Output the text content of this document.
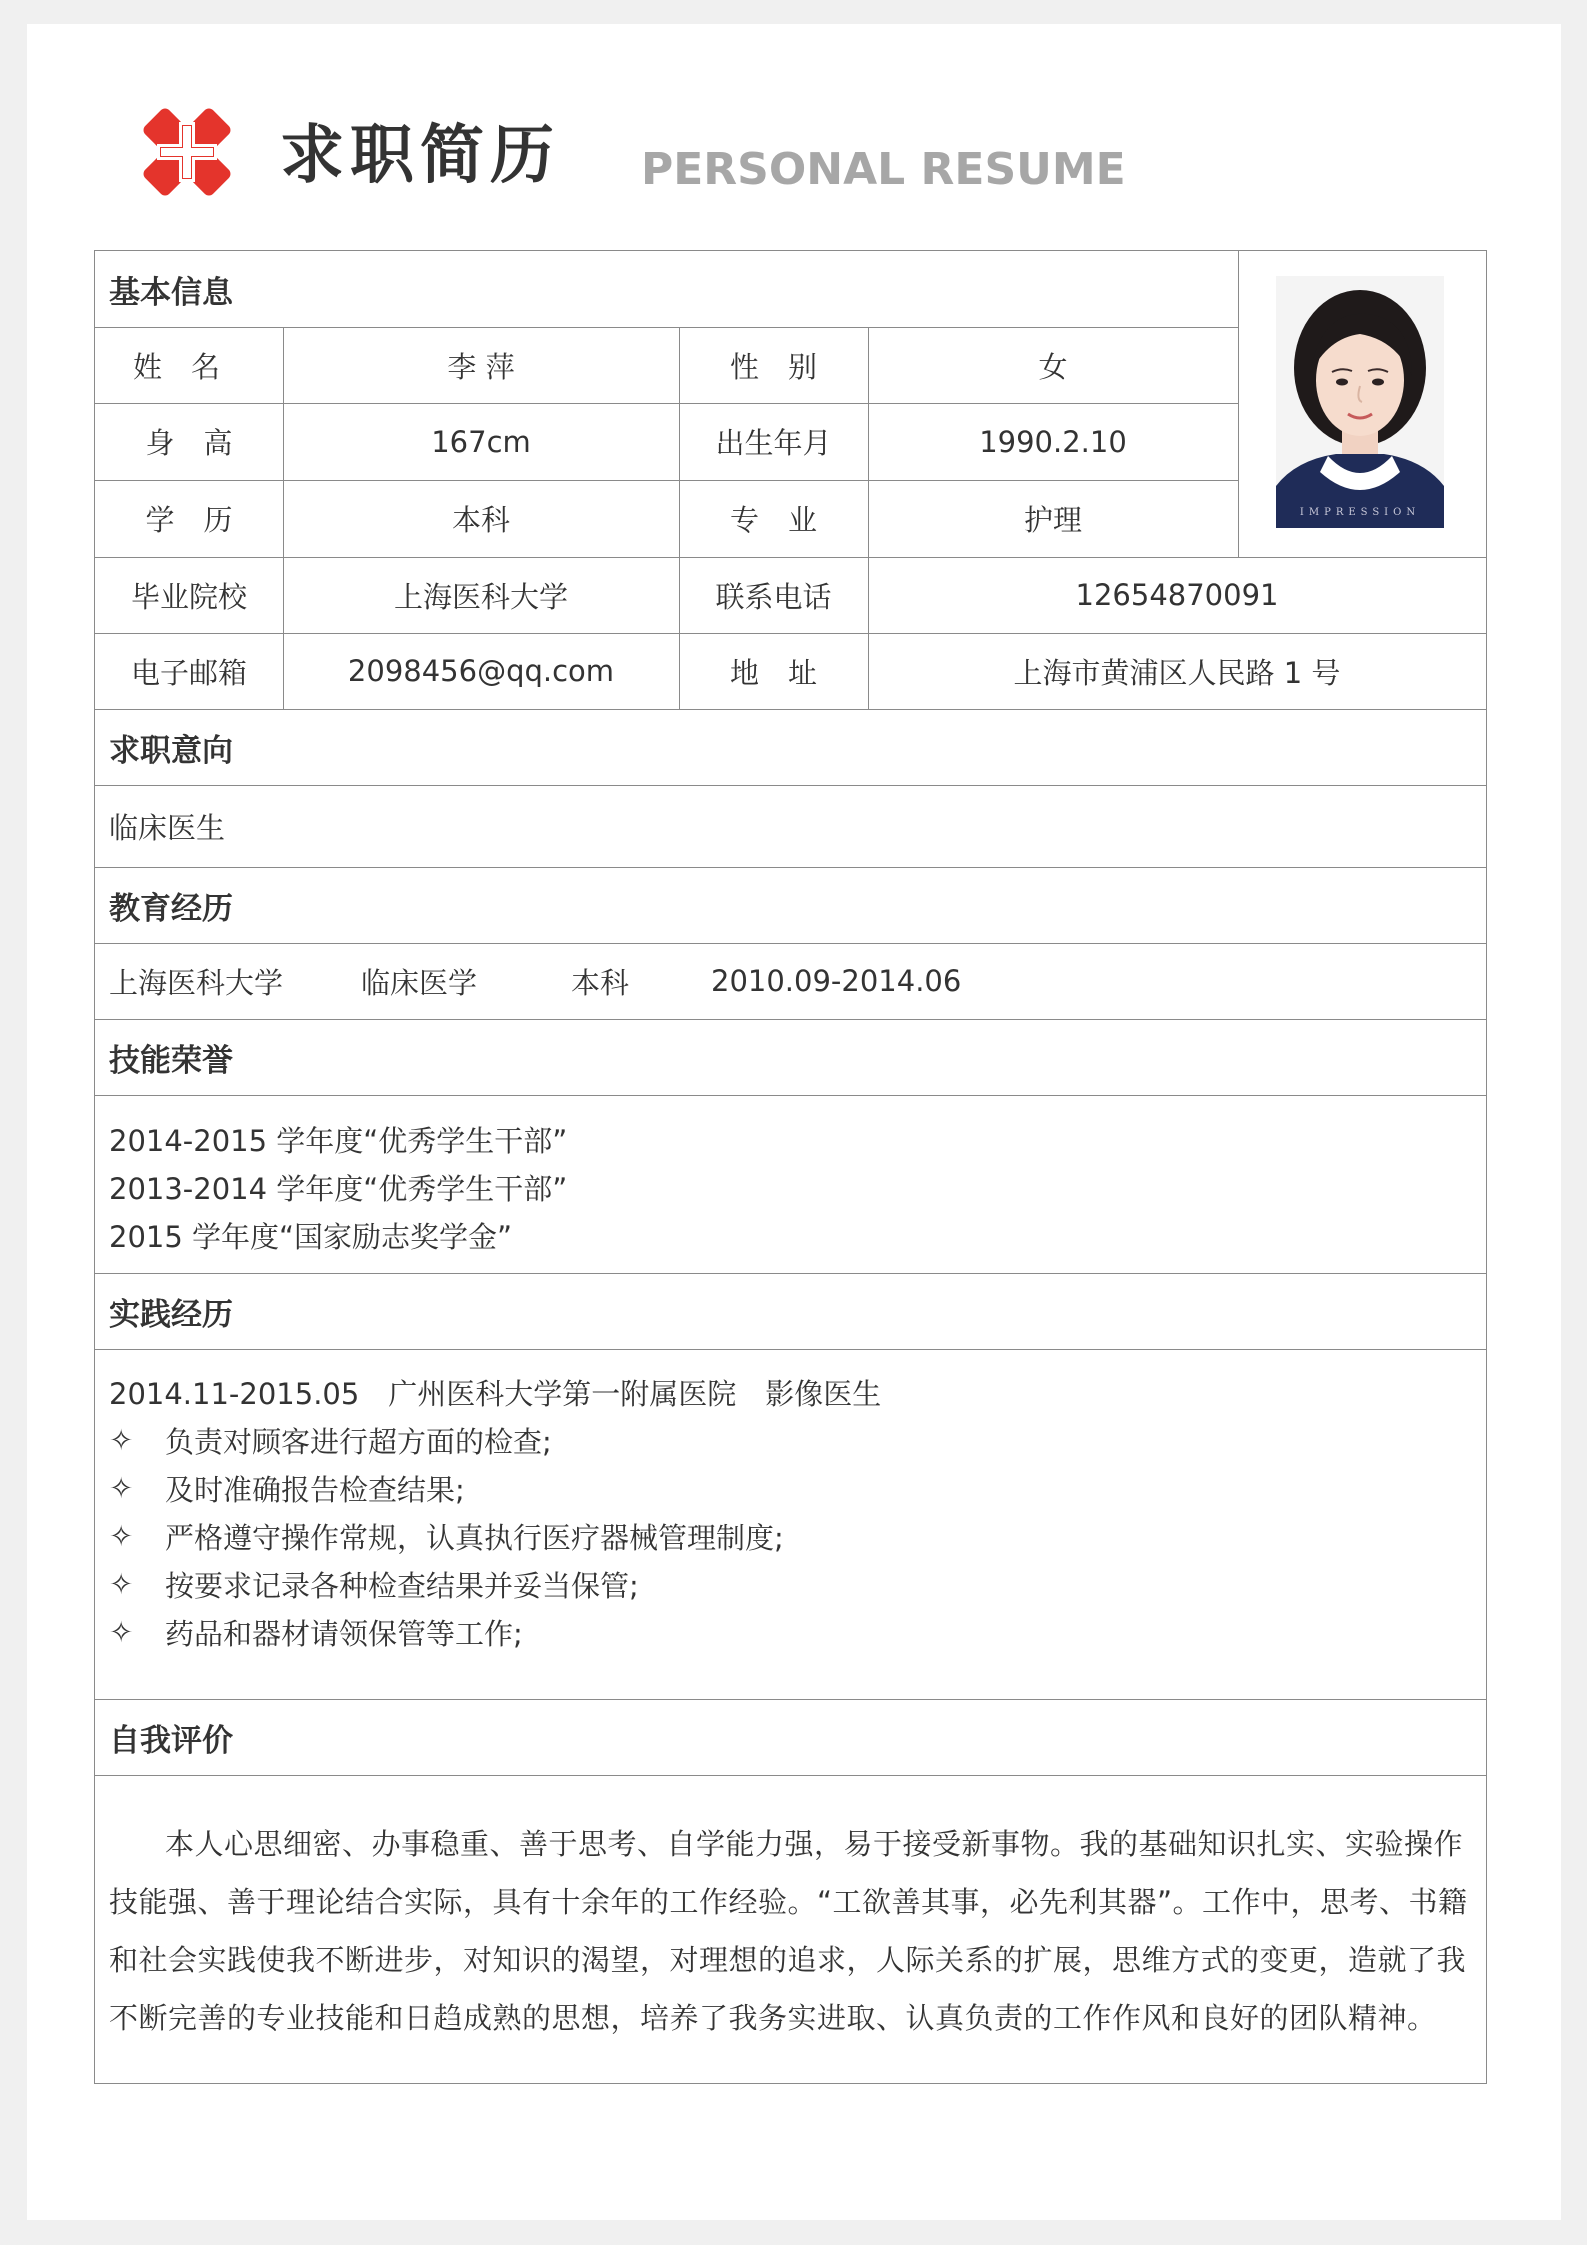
求职简历 PERSONAL RESUME
基本信息
姓　名	李 萍	性　别	女
身　高	167cm	出生年月	1990.2.10
学　历	本科	专　业	护理
毕业院校	上海医科大学	联系电话	12654870091
电子邮箱	2098456@qq.com	地　址	上海市黄浦区人民路 1 号
求职意向
临床医生
教育经历
上海医科大学	临床医学	本科	2010.09-2014.06
技能荣誉
2014-2015 学年度“优秀学生干部”
2013-2014 学年度“优秀学生干部”
2015 学年度“国家励志奖学金”
实践经历
2014.11-2015.05　广州医科大学第一附属医院　影像医生
✧	负责对顾客进行超方面的检查;
✧	及时准确报告检查结果;
✧	严格遵守操作常规，认真执行医疗器械管理制度;
✧	按要求记录各种检查结果并妥当保管;
✧	药品和器材请领保管等工作;
自我评价
本人心思细密、办事稳重、善于思考、自学能力强，易于接受新事物。我的基础知识扎实、实验操作技能强、善于理论结合实际，具有十余年的工作经验。“工欲善其事，必先利其器”。工作中，思考、书籍和社会实践使我不断进步，对知识的渴望，对理想的追求，人际关系的扩展，思维方式的变更，造就了我不断完善的专业技能和日趋成熟的思想，培养了我务实进取、认真负责的工作作风和良好的团队精神。
IMPRESSION
